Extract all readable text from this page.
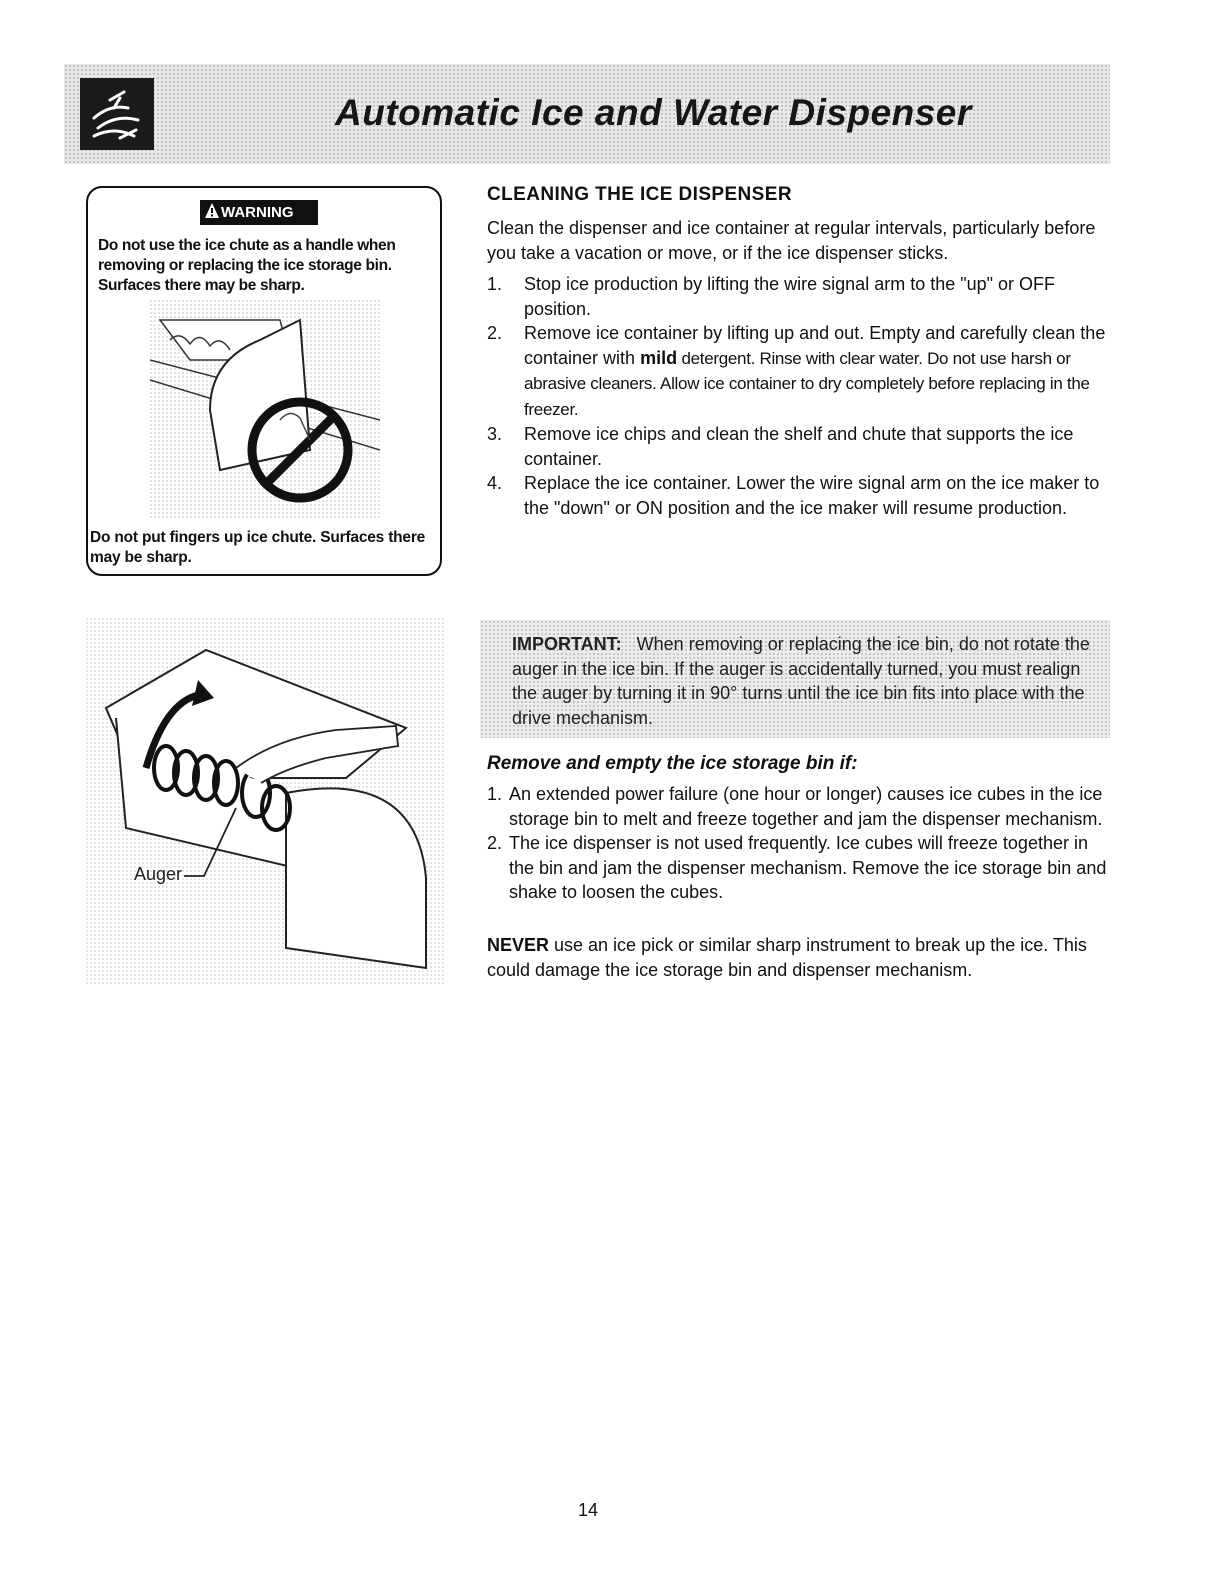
Automatic Ice and Water Dispenser
WARNING
Do not use the ice chute as a handle when removing or replacing the ice storage bin. Surfaces there may be sharp.
Do not put fingers up ice chute. Surfaces there may be sharp.
Auger
CLEANING THE ICE DISPENSER
Clean the dispenser and ice container at regular intervals, particularly before you take a vacation or move, or if the ice dispenser sticks.
1. Stop ice production by lifting the wire signal arm to the "up" or OFF position.
2. Remove ice container by lifting up and out. Empty and carefully clean the container with mild detergent. Rinse with clear water. Do not use harsh or abrasive cleaners. Allow ice container to dry completely before replacing in the freezer.
3. Remove ice chips and clean the shelf and chute that supports the ice container.
4. Replace the ice container. Lower the wire signal arm on the ice maker to the "down" or ON position and the ice maker will resume production.
IMPORTANT: When removing or replacing the ice bin, do not rotate the auger in the ice bin. If the auger is accidentally turned, you must realign the auger by turning it in 90° turns until the ice bin fits into place with the drive mechanism.
Remove and empty the ice storage bin if:
1. An extended power failure (one hour or longer) causes ice cubes in the ice storage bin to melt and freeze together and jam the dispenser mechanism.
2. The ice dispenser is not used frequently. Ice cubes will freeze together in the bin and jam the dispenser mechanism. Remove the ice storage bin and shake to loosen the cubes.
NEVER use an ice pick or similar sharp instrument to break up the ice. This could damage the ice storage bin and dispenser mechanism.
14
